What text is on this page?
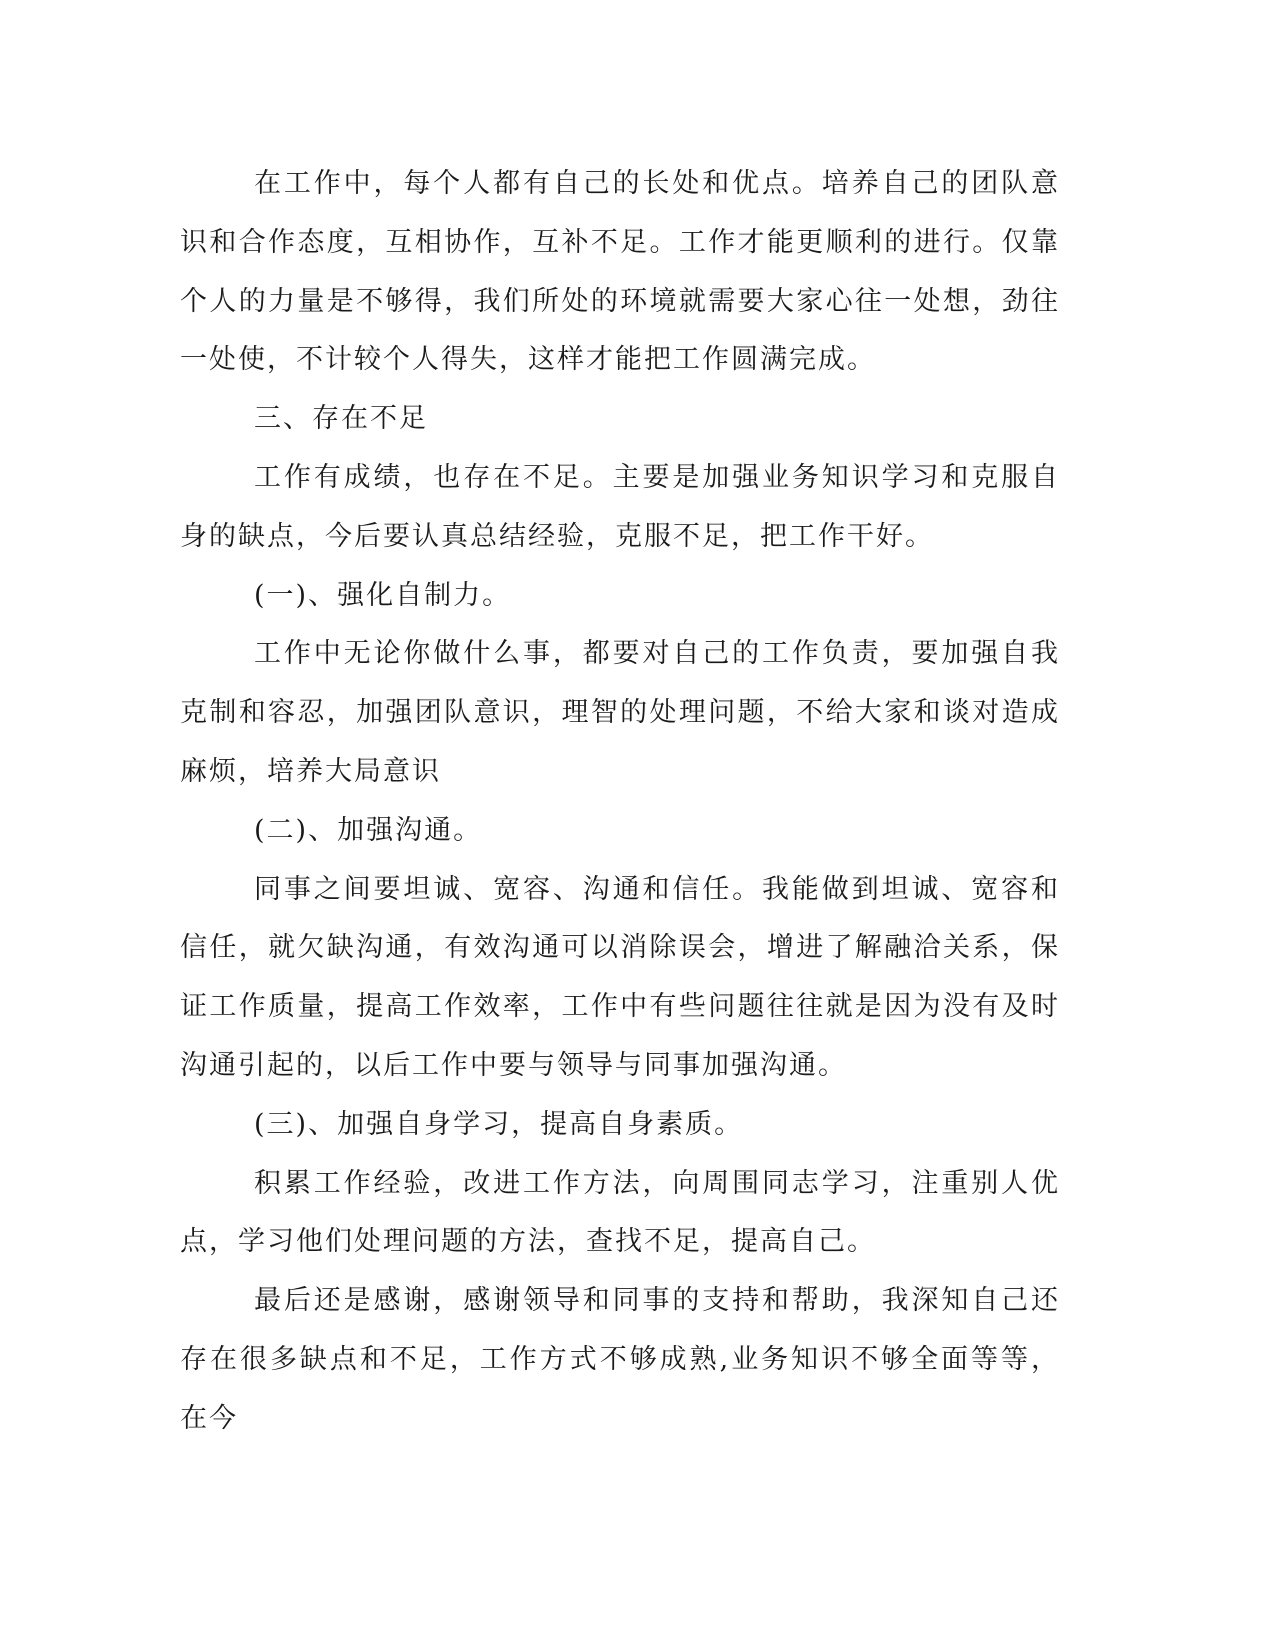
在工作中，每个人都有自己的长处和优点。培养自己的团队意识和合作态度，互相协作，互补不足。工作才能更顺利的进行。仅靠个人的力量是不够得，我们所处的环境就需要大家心往一处想，劲往一处使，不计较个人得失，这样才能把工作圆满完成。

三、存在不足

工作有成绩，也存在不足。主要是加强业务知识学习和克服自身的缺点，今后要认真总结经验，克服不足，把工作干好。

(一)、强化自制力。

工作中无论你做什么事，都要对自己的工作负责，要加强自我克制和容忍，加强团队意识，理智的处理问题，不给大家和谈对造成麻烦，培养大局意识

(二)、加强沟通。

同事之间要坦诚、宽容、沟通和信任。我能做到坦诚、宽容和信任，就欠缺沟通，有效沟通可以消除误会，增进了解融洽关系，保证工作质量，提高工作效率，工作中有些问题往往就是因为没有及时沟通引起的，以后工作中要与领导与同事加强沟通。

(三)、加强自身学习，提高自身素质。

积累工作经验，改进工作方法，向周围同志学习，注重别人优点，学习他们处理问题的方法，查找不足，提高自己。

最后还是感谢，感谢领导和同事的支持和帮助，我深知自己还存在很多缺点和不足，工作方式不够成熟,业务知识不够全面等等，在今
